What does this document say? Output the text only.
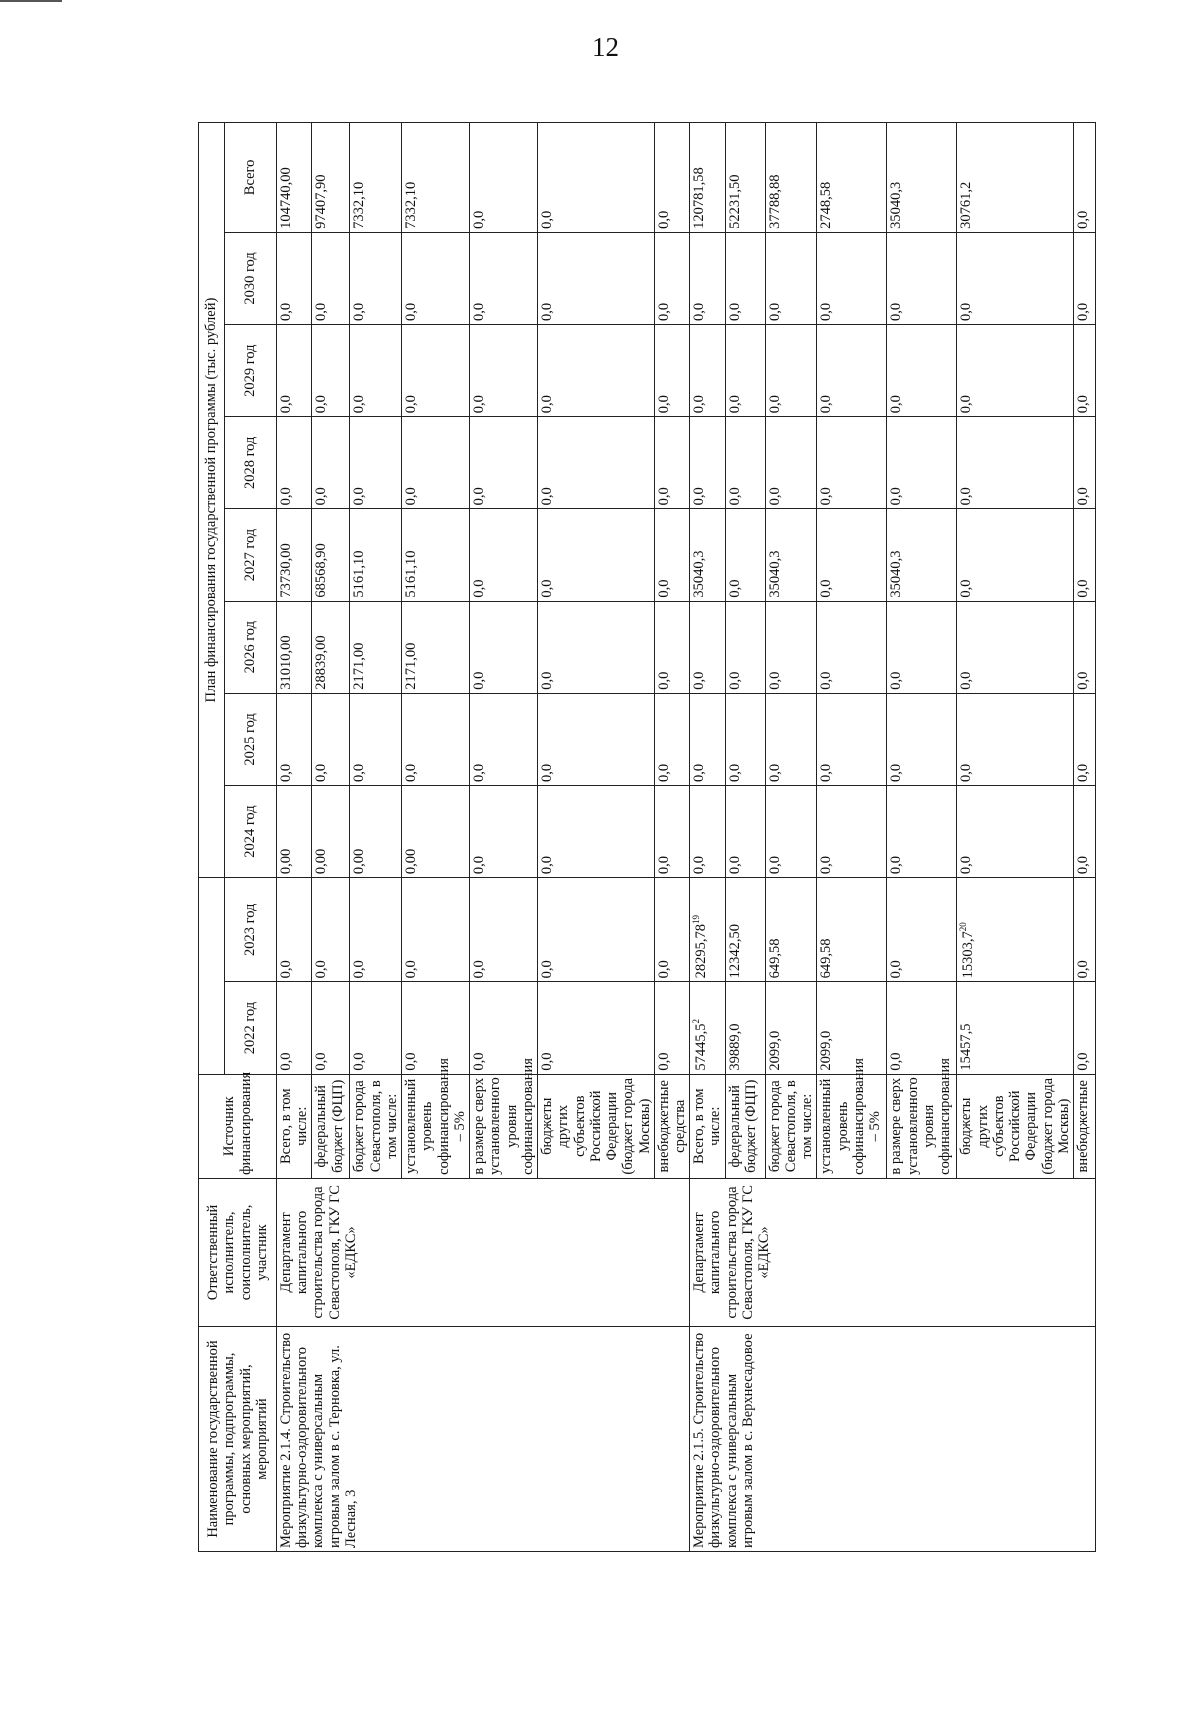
12
Наименование государственной программы, подпрограммы, основных мероприятий, мероприятий	Ответственный исполнитель, соисполнитель, участник	Источник финансирования			План финансирования государственной программы (тыс. рублей)							
			2022 год	2023 год	2024 год	2025 год	2026 год	2027 год	2028 год	2029 год	2030 год	Всего
Мероприятие 2.1.4. Строительство физкультурно-оздоровительного комплекса с универсальным игровым залом в с. Терновка, ул. Лесная, 3	Департамент капитального строительства города Севастополя, ГКУ ГС «ЕДКС»	Всего, в том числе:	0,0	0,0	0,00	0,0	31010,00	73730,00	0,0	0,0	0,0	104740,00
		федеральный бюджет (ФЦП)	0,0	0,0	0,00	0,0	28839,00	68568,90	0,0	0,0	0,0	97407,90
		бюджет города Севастополя, в том числе:	0,0	0,0	0,00	0,0	2171,00	5161,10	0,0	0,0	0,0	7332,10
		установленный уровень софинансирования – 5%	0,0	0,0	0,00	0,0	2171,00	5161,10	0,0	0,0	0,0	7332,10
		в размере сверх установленного уровня софинансирования	0,0	0,0	0,0	0,0	0,0	0,0	0,0	0,0	0,0	0,0
		бюджеты других субъектов Российской Федерации (бюджет города Москвы)	0,0	0,0	0,0	0,0	0,0	0,0	0,0	0,0	0,0	0,0
		внебюджетные средства	0,0	0,0	0,0	0,0	0,0	0,0	0,0	0,0	0,0	0,0
Мероприятие 2.1.5. Строительство физкультурно-оздоровительного комплекса с универсальным игровым залом в с. Верхнесадовое	Департамент капитального строительства города Севастополя, ГКУ ГС «ЕДКС»	Всего, в том числе:	57445,5$^2$	28295,78$^{19}$	0,0	0,0	0,0	35040,3	0,0	0,0	0,0	120781,58
		федеральный бюджет (ФЦП)	39889,0	12342,50	0,0	0,0	0,0	0,0	0,0	0,0	0,0	52231,50
		бюджет города Севастополя, в том числе:	2099,0	649,58	0,0	0,0	0,0	35040,3	0,0	0,0	0,0	37788,88
		установленный уровень софинансирования – 5%	2099,0	649,58	0,0	0,0	0,0	0,0	0,0	0,0	0,0	2748,58
		в размере сверх установленного уровня софинансирования	0,0	0,0	0,0	0,0	0,0	35040,3	0,0	0,0	0,0	35040,3
		бюджеты других субъектов Российской Федерации (бюджет города Москвы)	15457,5	15303,7$^{20}$	0,0	0,0	0,0	0,0	0,0	0,0	0,0	30761,2
		внебюджетные	0,0	0,0	0,0	0,0	0,0	0,0	0,0	0,0	0,0	0,0
